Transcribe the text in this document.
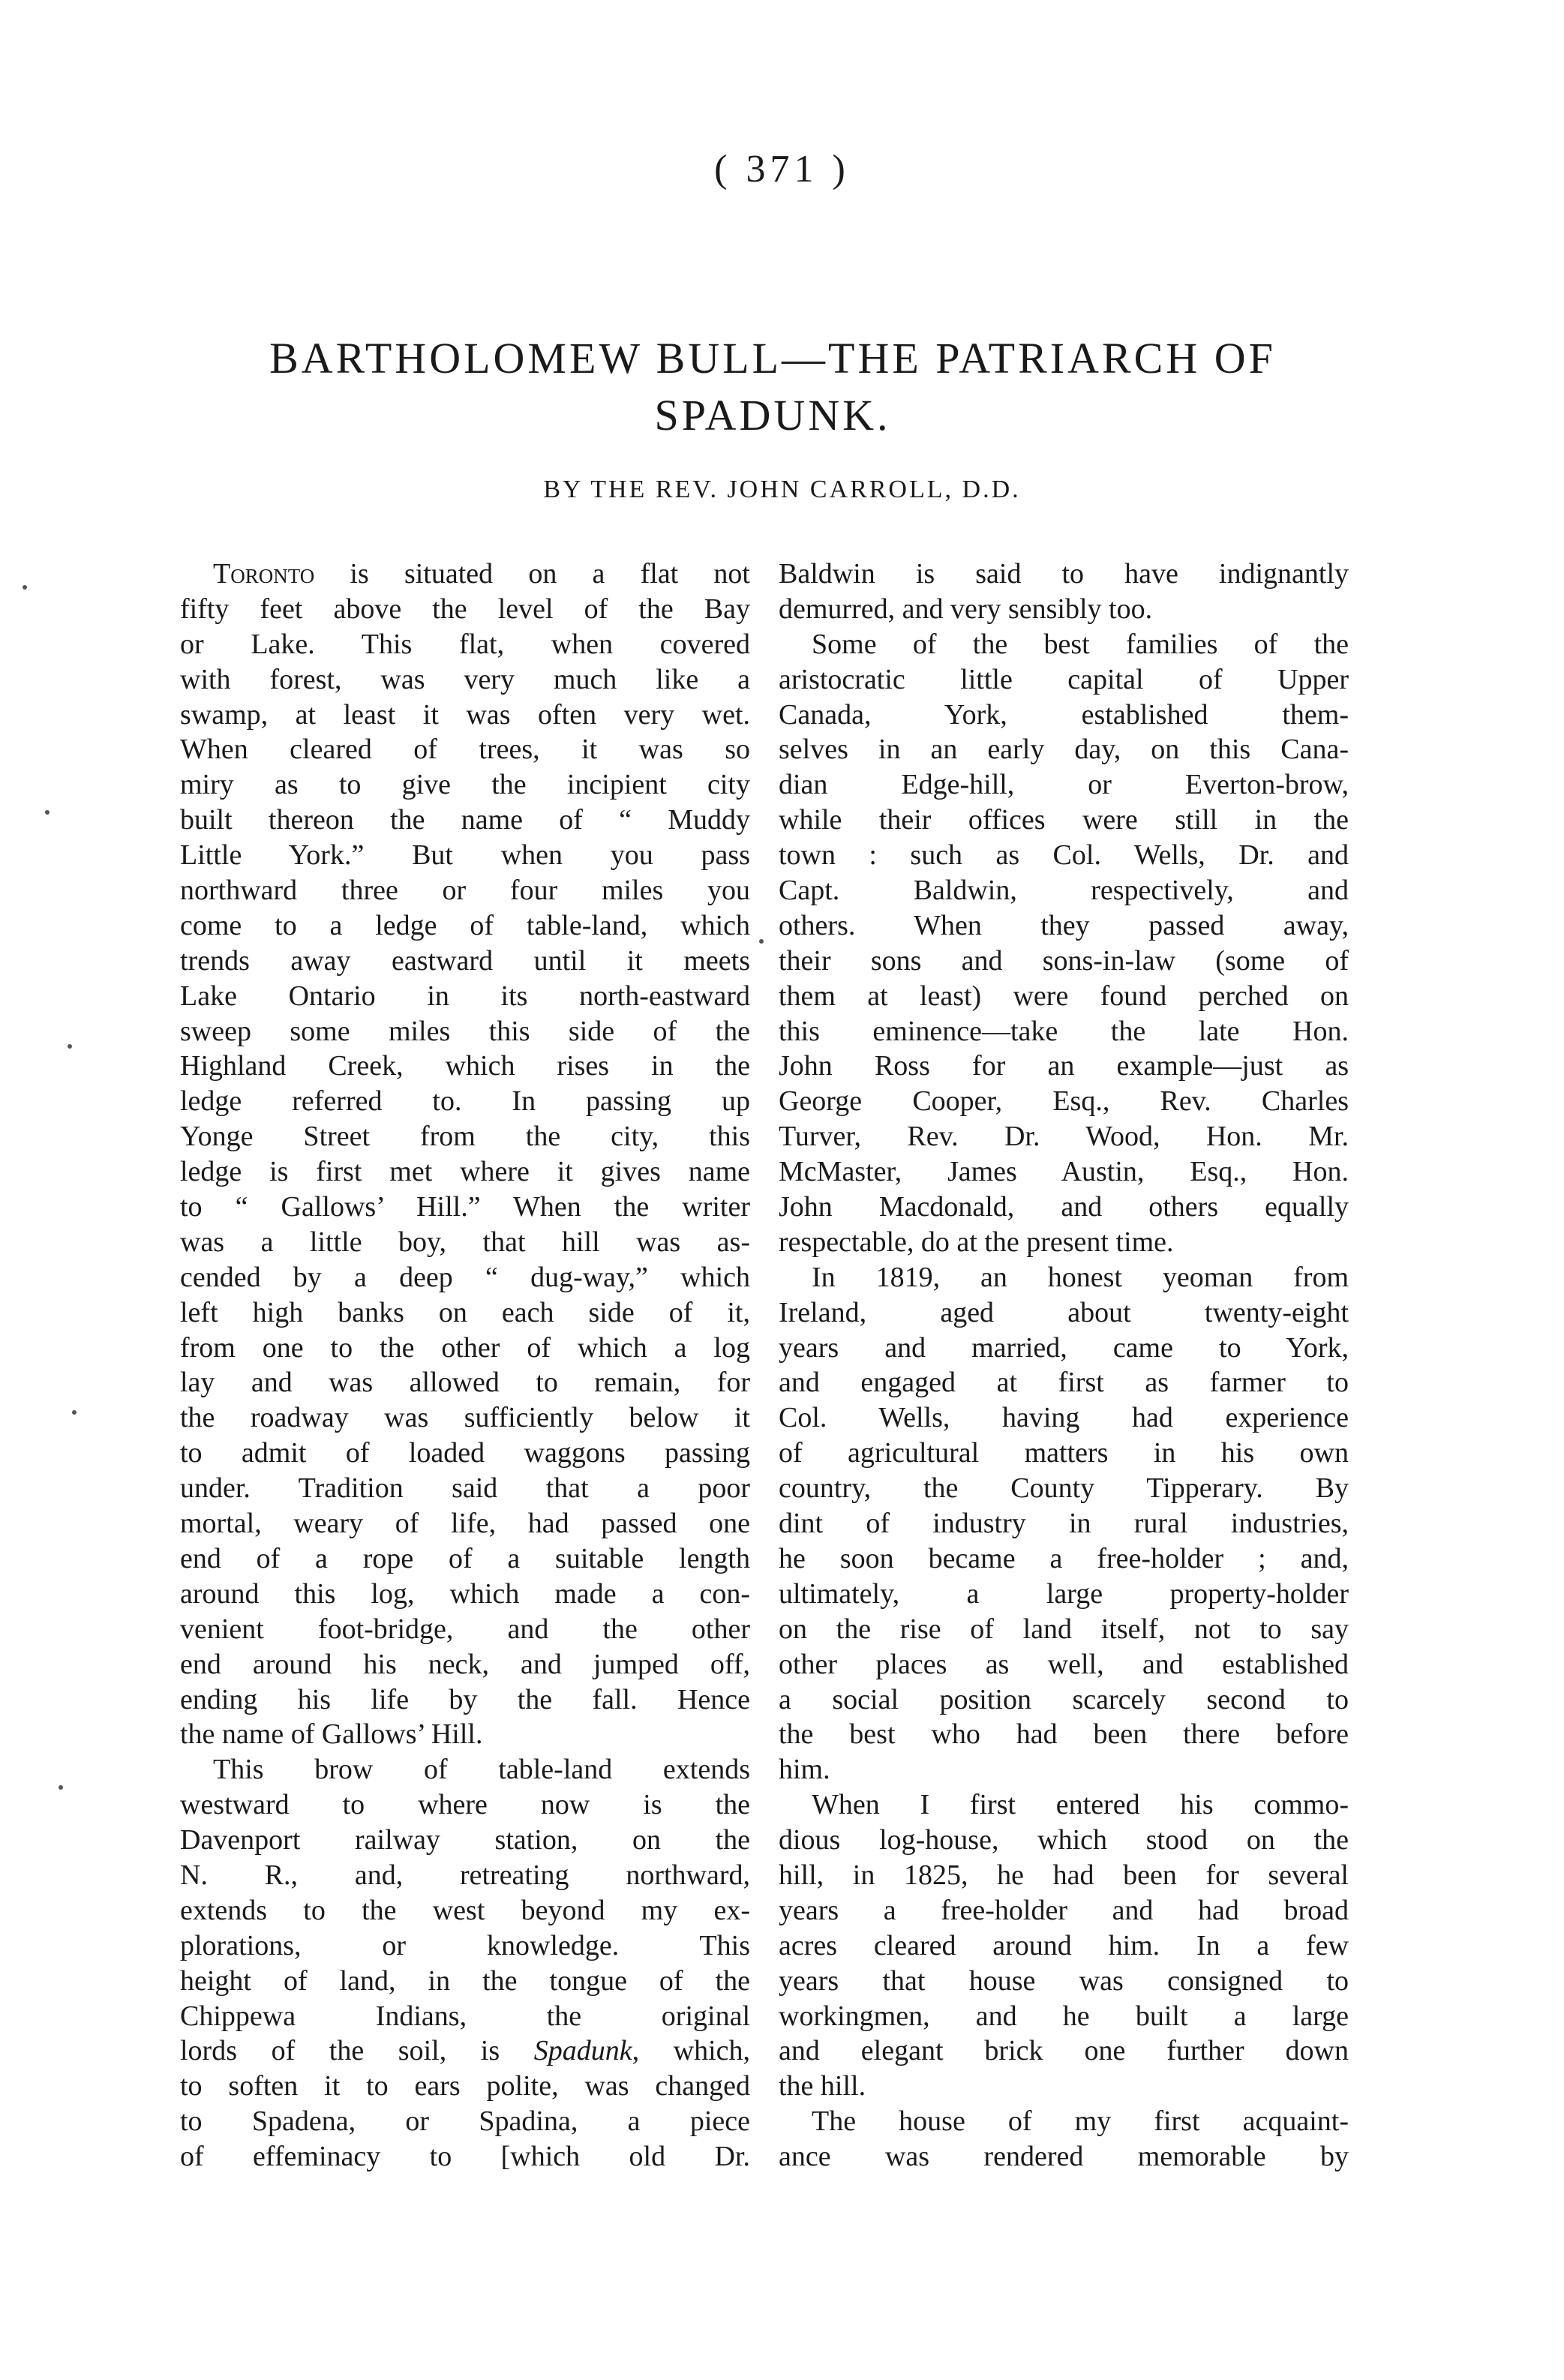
( 371 )
BARTHOLOMEW BULL—THE PATRIARCH OF
SPADUNK.
BY THE REV. JOHN CARROLL, D.D.
Toronto is situated on a flat not
fifty feet above the level of the Bay
or Lake. This flat, when covered
with forest, was very much like a
swamp, at least it was often very wet.
When cleared of trees, it was so
miry as to give the incipient city
built thereon the name of “ Muddy
Little York.” But when you pass
northward three or four miles you
come to a ledge of table-land, which
trends away eastward until it meets
Lake Ontario in its north-eastward
sweep some miles this side of the
Highland Creek, which rises in the
ledge referred to. In passing up
Yonge Street from the city, this
ledge is first met where it gives name
to “ Gallows’ Hill.” When the writer
was a little boy, that hill was as-
cended by a deep “ dug-way,” which
left high banks on each side of it,
from one to the other of which a log
lay and was allowed to remain, for
the roadway was sufficiently below it
to admit of loaded waggons passing
under. Tradition said that a poor
mortal, weary of life, had passed one
end of a rope of a suitable length
around this log, which made a con-
venient foot-bridge, and the other
end around his neck, and jumped off,
ending his life by the fall. Hence
the name of Gallows’ Hill.
This brow of table-land extends
westward to where now is the
Davenport railway station, on the
N. R., and, retreating northward,
extends to the west beyond my ex-
plorations, or knowledge. This
height of land, in the tongue of the
Chippewa Indians, the original
lords of the soil, is Spadunk, which,
to soften it to ears polite, was changed
to Spadena, or Spadina, a piece
of effeminacy to [which old Dr.
Baldwin is said to have indignantly
demurred, and very sensibly too.
Some of the best families of the
aristocratic little capital of Upper
Canada, York, established them-
selves in an early day, on this Cana-
dian Edge-hill, or Everton-brow,
while their offices were still in the
town : such as Col. Wells, Dr. and
Capt. Baldwin, respectively, and
others. When they passed away,
their sons and sons-in-law (some of
them at least) were found perched on
this eminence—take the late Hon.
John Ross for an example—just as
George Cooper, Esq., Rev. Charles
Turver, Rev. Dr. Wood, Hon. Mr.
McMaster, James Austin, Esq., Hon.
John Macdonald, and others equally
respectable, do at the present time.
In 1819, an honest yeoman from
Ireland, aged about twenty-eight
years and married, came to York,
and engaged at first as farmer to
Col. Wells, having had experience
of agricultural matters in his own
country, the County Tipperary. By
dint of industry in rural industries,
he soon became a free-holder ; and,
ultimately, a large property-holder
on the rise of land itself, not to say
other places as well, and established
a social position scarcely second to
the best who had been there before
him.
When I first entered his commo-
dious log-house, which stood on the
hill, in 1825, he had been for several
years a free-holder and had broad
acres cleared around him. In a few
years that house was consigned to
workingmen, and he built a large
and elegant brick one further down
the hill.
The house of my first acquaint-
ance was rendered memorable by
